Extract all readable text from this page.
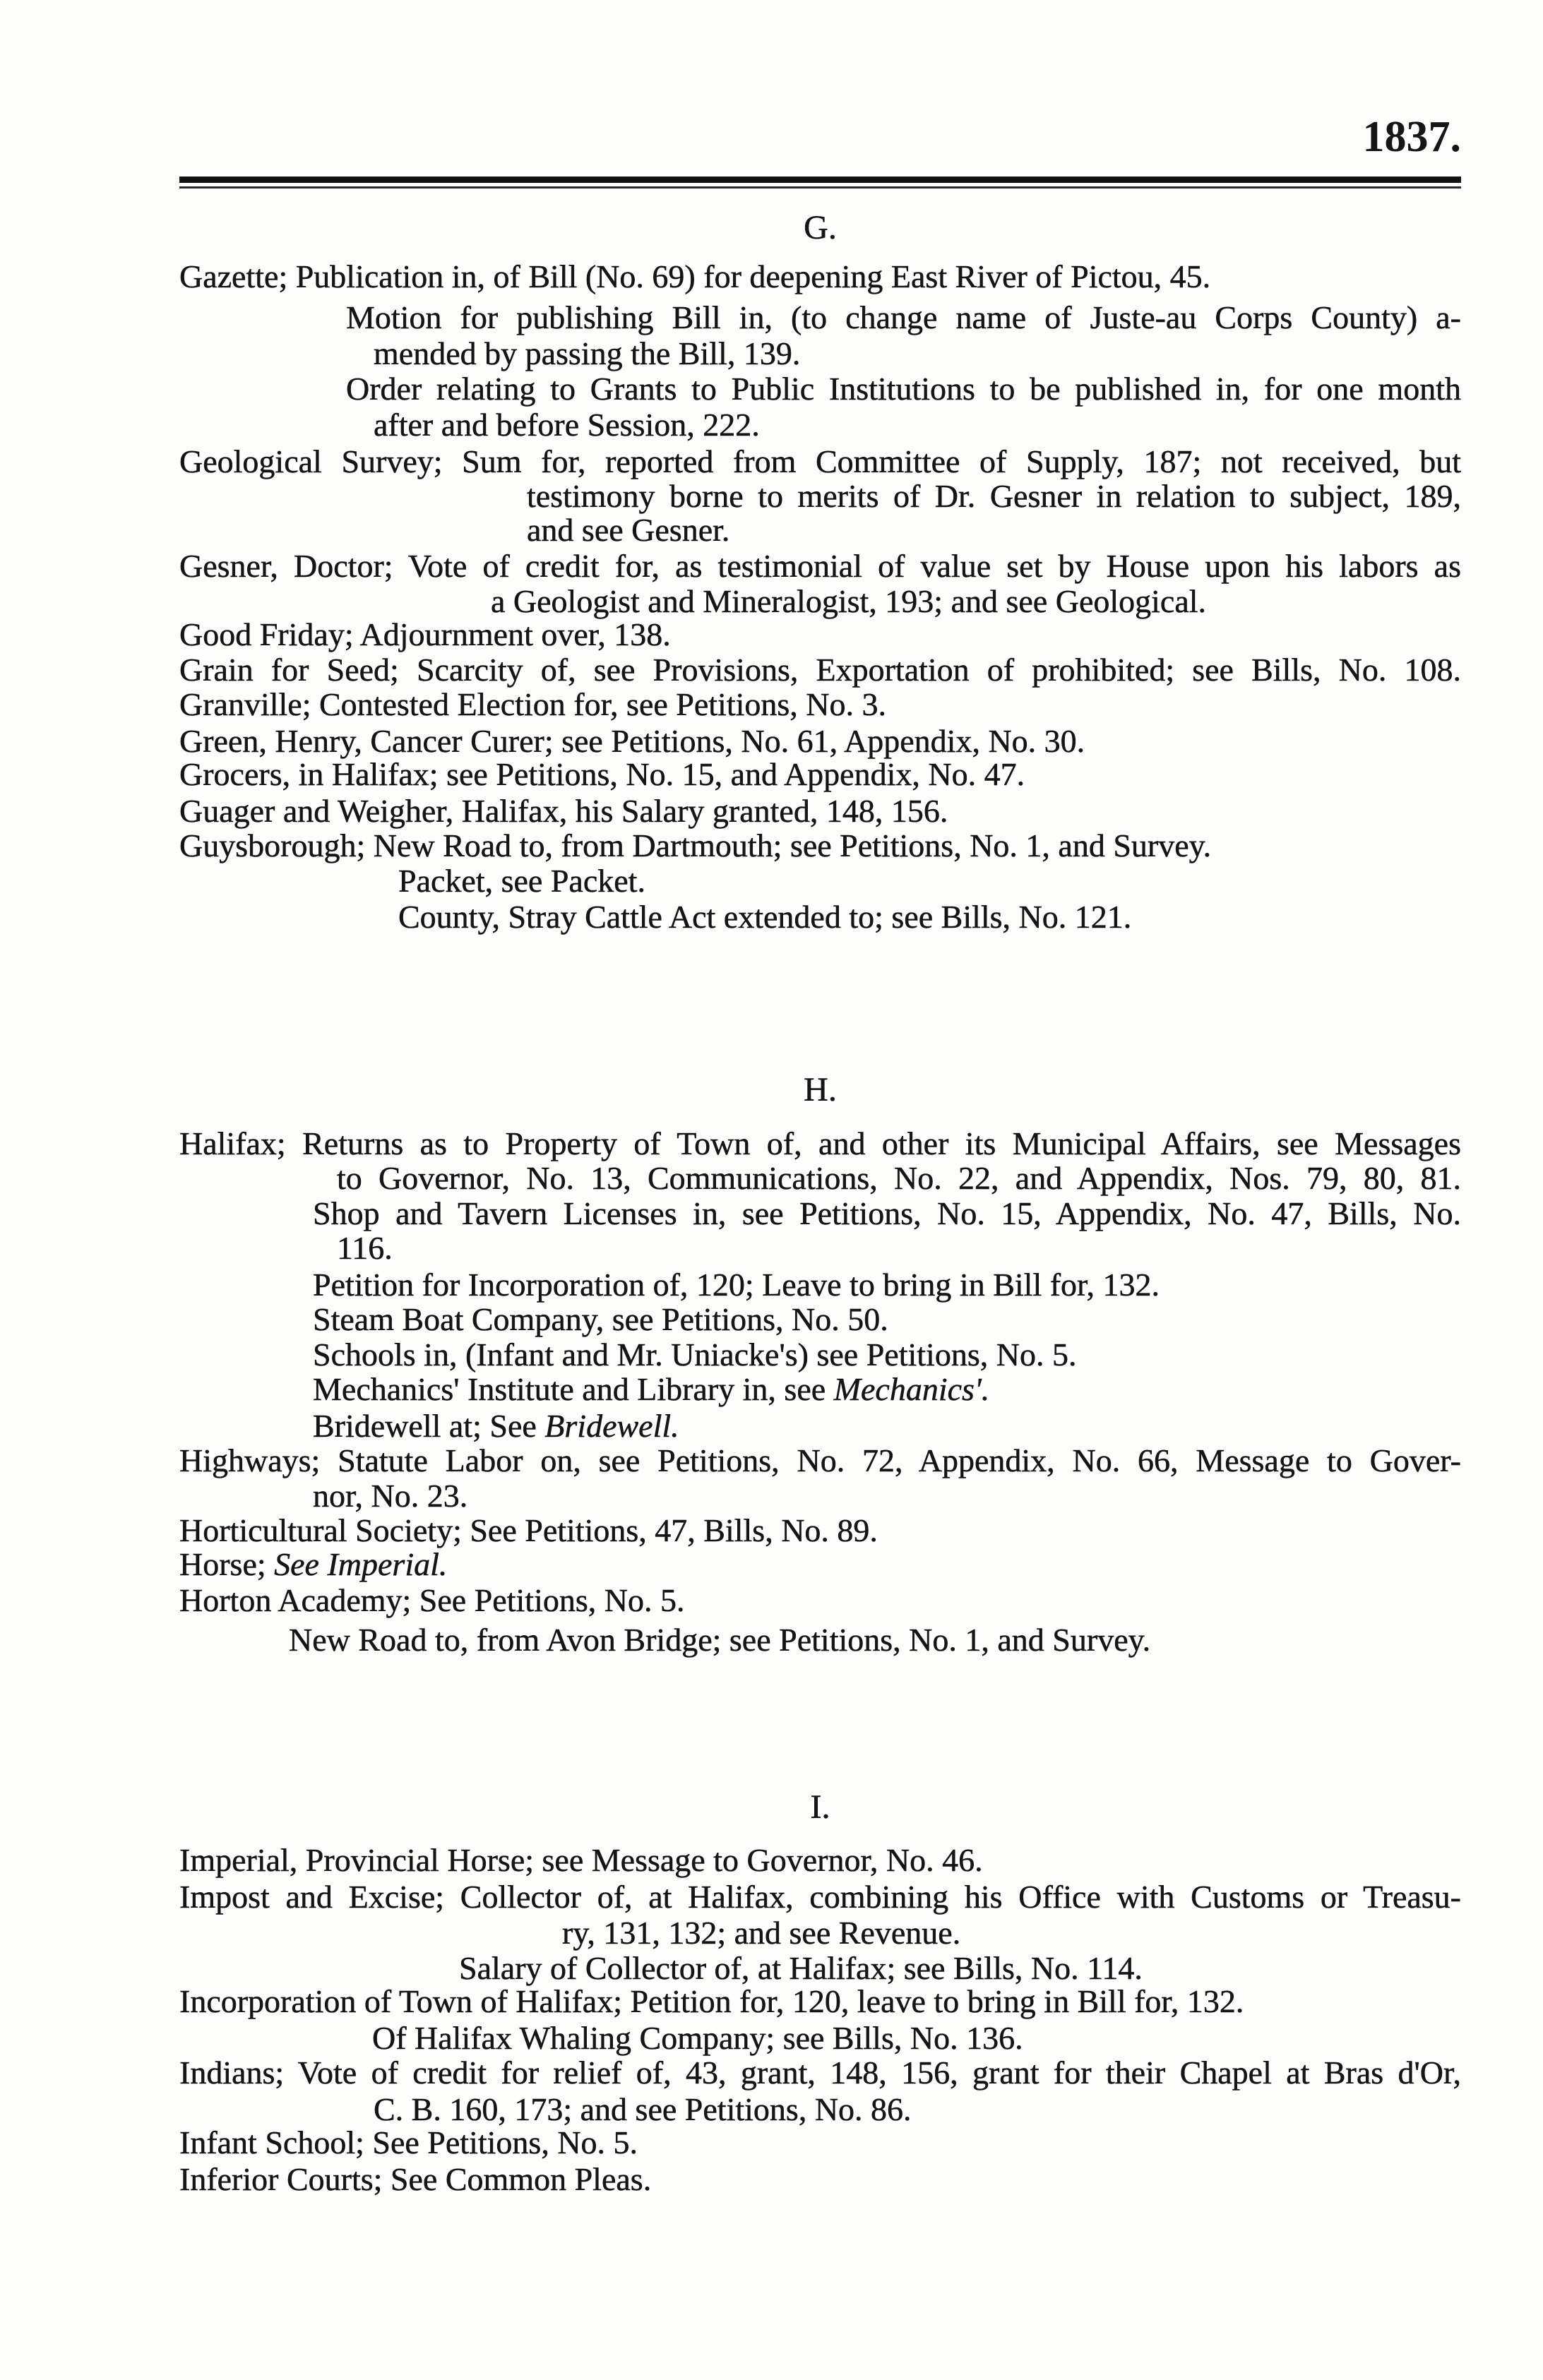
1837.
G.
Gazette; Publication in, of Bill (No. 69) for deepening East River of Pictou, 45.
Motion for publishing Bill in, (to change name of Juste-au Corps County) a-
mended by passing the Bill, 139.
Order relating to Grants to Public Institutions to be published in, for one month
after and before Session, 222.
Geological Survey; Sum for, reported from Committee of Supply, 187; not received, but
testimony borne to merits of Dr. Gesner in relation to subject, 189,
and see Gesner.
Gesner, Doctor; Vote of credit for, as testimonial of value set by House upon his labors as
a Geologist and Mineralogist, 193; and see Geological.
Good Friday; Adjournment over, 138.
Grain for Seed; Scarcity of, see Provisions, Exportation of prohibited; see Bills, No. 108.
Granville; Contested Election for, see Petitions, No. 3.
Green, Henry, Cancer Curer; see Petitions, No. 61, Appendix, No. 30.
Grocers, in Halifax; see Petitions, No. 15, and Appendix, No. 47.
Guager and Weigher, Halifax, his Salary granted, 148, 156.
Guysborough; New Road to, from Dartmouth; see Petitions, No. 1, and Survey.
Packet, see Packet.
County, Stray Cattle Act extended to; see Bills, No. 121.
H.
Halifax; Returns as to Property of Town of, and other its Municipal Affairs, see Messages
to Governor, No. 13, Communications, No. 22, and Appendix, Nos. 79, 80, 81.
Shop and Tavern Licenses in, see Petitions, No. 15, Appendix, No. 47, Bills, No.
116.
Petition for Incorporation of, 120; Leave to bring in Bill for, 132.
Steam Boat Company, see Petitions, No. 50.
Schools in, (Infant and Mr. Uniacke's) see Petitions, No. 5.
Mechanics' Institute and Library in, see Mechanics'.
Bridewell at; See Bridewell.
Highways; Statute Labor on, see Petitions, No. 72, Appendix, No. 66, Message to Gover-
nor, No. 23.
Horticultural Society; See Petitions, 47, Bills, No. 89.
Horse; See Imperial.
Horton Academy; See Petitions, No. 5.
New Road to, from Avon Bridge; see Petitions, No. 1, and Survey.
I.
Imperial, Provincial Horse; see Message to Governor, No. 46.
Impost and Excise; Collector of, at Halifax, combining his Office with Customs or Treasu-
ry, 131, 132; and see Revenue.
Salary of Collector of, at Halifax; see Bills, No. 114.
Incorporation of Town of Halifax; Petition for, 120, leave to bring in Bill for, 132.
Of Halifax Whaling Company; see Bills, No. 136.
Indians; Vote of credit for relief of, 43, grant, 148, 156, grant for their Chapel at Bras d'Or,
C. B. 160, 173; and see Petitions, No. 86.
Infant School; See Petitions, No. 5.
Inferior Courts; See Common Pleas.
